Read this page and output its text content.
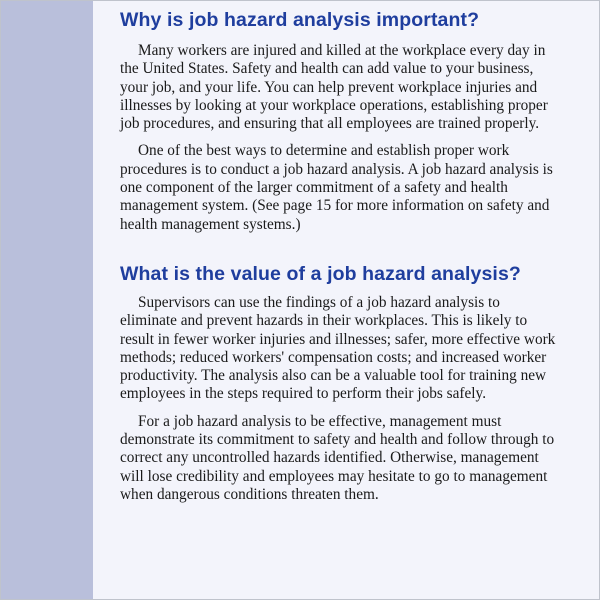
Why is job hazard analysis important?

Many workers are injured and killed at the workplace every day in the United States. Safety and health can add value to your business, your job, and your life. You can help prevent workplace injuries and illnesses by looking at your workplace operations, establishing proper job procedures, and ensuring that all employees are trained properly.

One of the best ways to determine and establish proper work procedures is to conduct a job hazard analysis. A job hazard analysis is one component of the larger commitment of a safety and health management system. (See page 15 for more information on safety and health management systems.)

What is the value of a job hazard analysis?

Supervisors can use the findings of a job hazard analysis to eliminate and prevent hazards in their workplaces. This is likely to result in fewer worker injuries and illnesses; safer, more effective work methods; reduced workers' compensation costs; and increased worker productivity. The analysis also can be a valuable tool for training new employees in the steps required to perform their jobs safely.

For a job hazard analysis to be effective, management must demonstrate its commitment to safety and health and follow through to correct any uncontrolled hazards identified. Otherwise, management will lose credibility and employees may hesitate to go to management when dangerous conditions threaten them.
